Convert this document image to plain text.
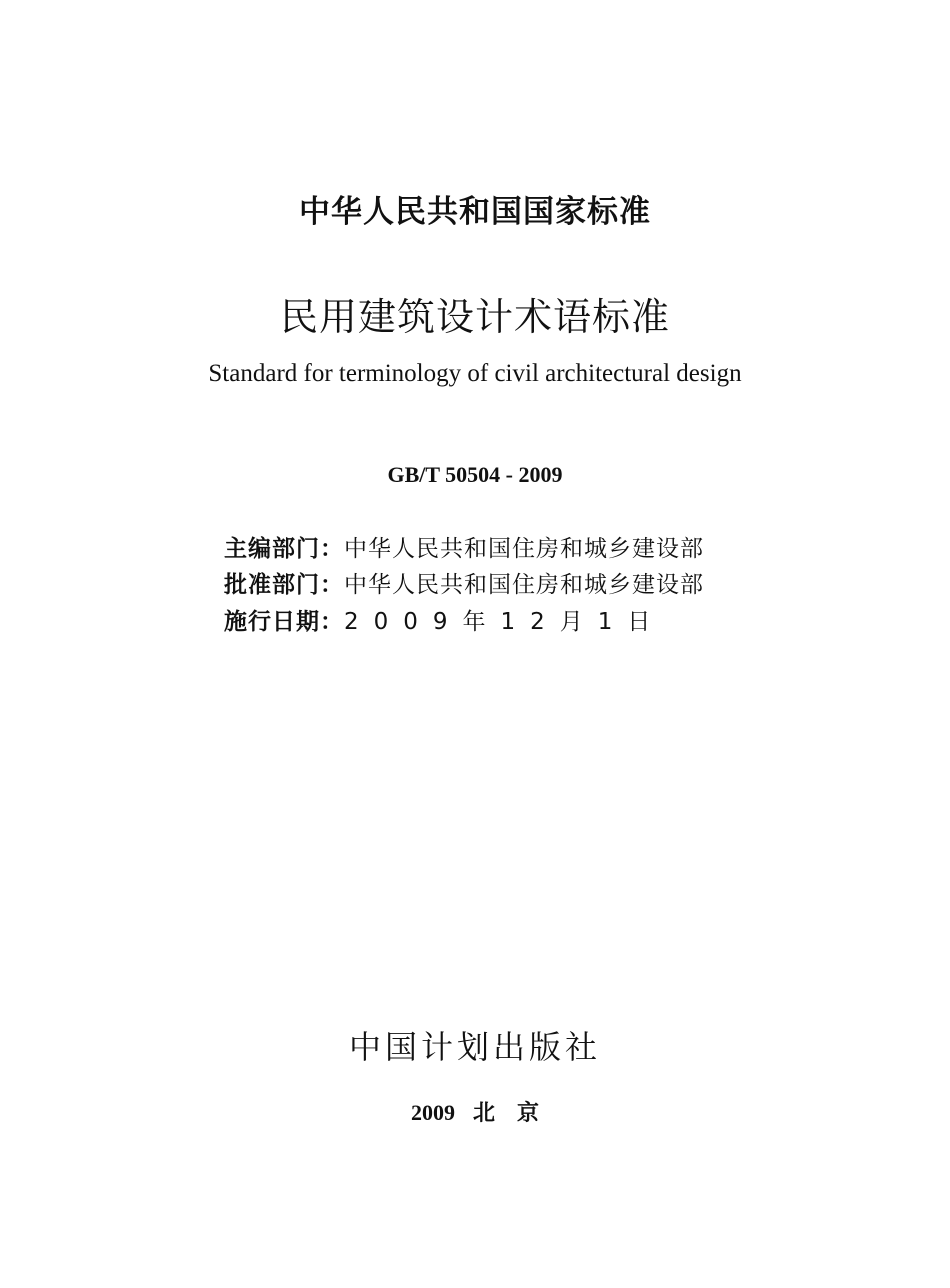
中华人民共和国国家标准
民用建筑设计术语标准
Standard for terminology of civil architectural design
GB/T 50504 - 2009
主编部门：中华人民共和国住房和城乡建设部
批准部门：中华人民共和国住房和城乡建设部
施行日期：2009年12月1日
中国计划出版社
2009 北　京
